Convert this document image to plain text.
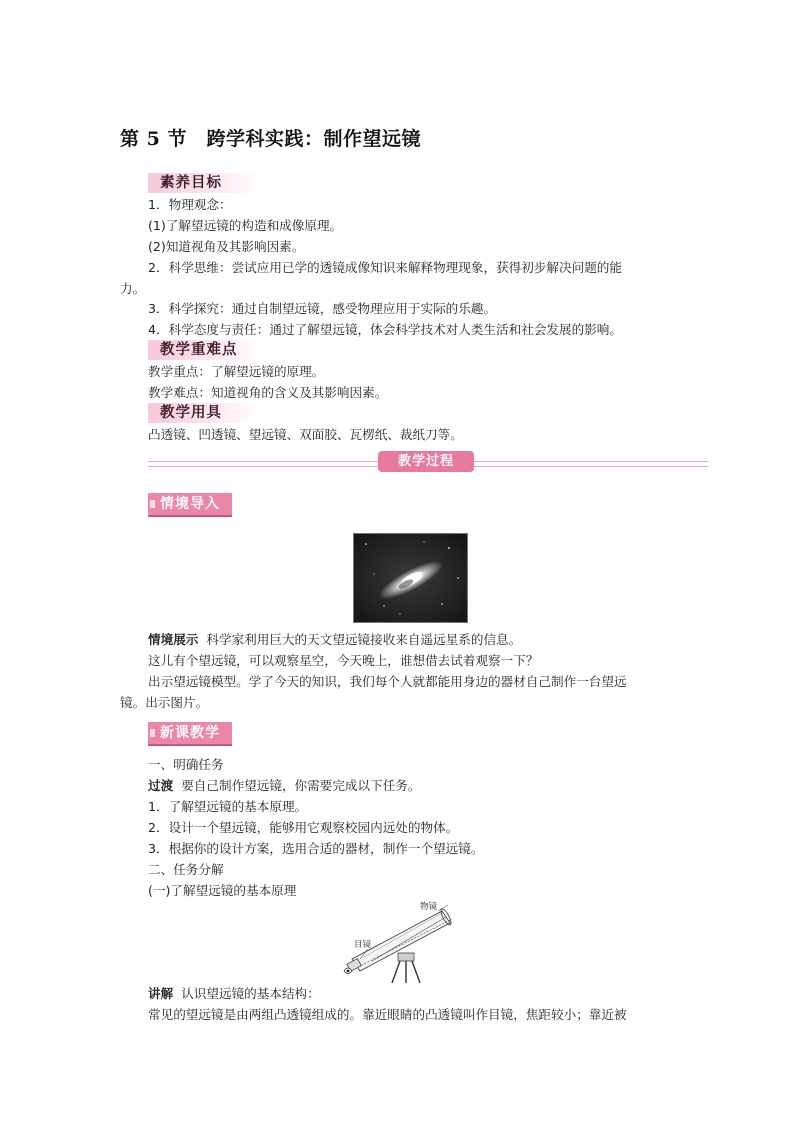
第 5 节　跨学科实践：制作望远镜
素养目标
1．物理观念：
(1)了解望远镜的构造和成像原理。
(2)知道视角及其影响因素。
2．科学思维：尝试应用已学的透镜成像知识来解释物理现象，获得初步解决问题的能
力。
3．科学探究：通过自制望远镜，感受物理应用于实际的乐趣。
4．科学态度与责任：通过了解望远镜，体会科学技术对人类生活和社会发展的影响。
教学重难点
教学重点：了解望远镜的原理。
教学难点：知道视角的含义及其影响因素。
教学用具
凸透镜、凹透镜、望远镜、双面胶、瓦楞纸、裁纸刀等。
教学过程
情境导入
情境展示 科学家利用巨大的天文望远镜接收来自遥远星系的信息。
这儿有个望远镜，可以观察星空，今天晚上，谁想借去试着观察一下？
出示望远镜模型。学了今天的知识，我们每个人就都能用身边的器材自己制作一台望远
镜。出示图片。
新课教学
一、明确任务
过渡 要自己制作望远镜，你需要完成以下任务。
1．了解望远镜的基本原理。
2．设计一个望远镜，能够用它观察校园内远处的物体。
3．根据你的设计方案，选用合适的器材，制作一个望远镜。
二、任务分解
(一)了解望远镜的基本原理
物镜
目镜
讲解 认识望远镜的基本结构：
常见的望远镜是由两组凸透镜组成的。靠近眼睛的凸透镜叫作目镜，焦距较小；靠近被
